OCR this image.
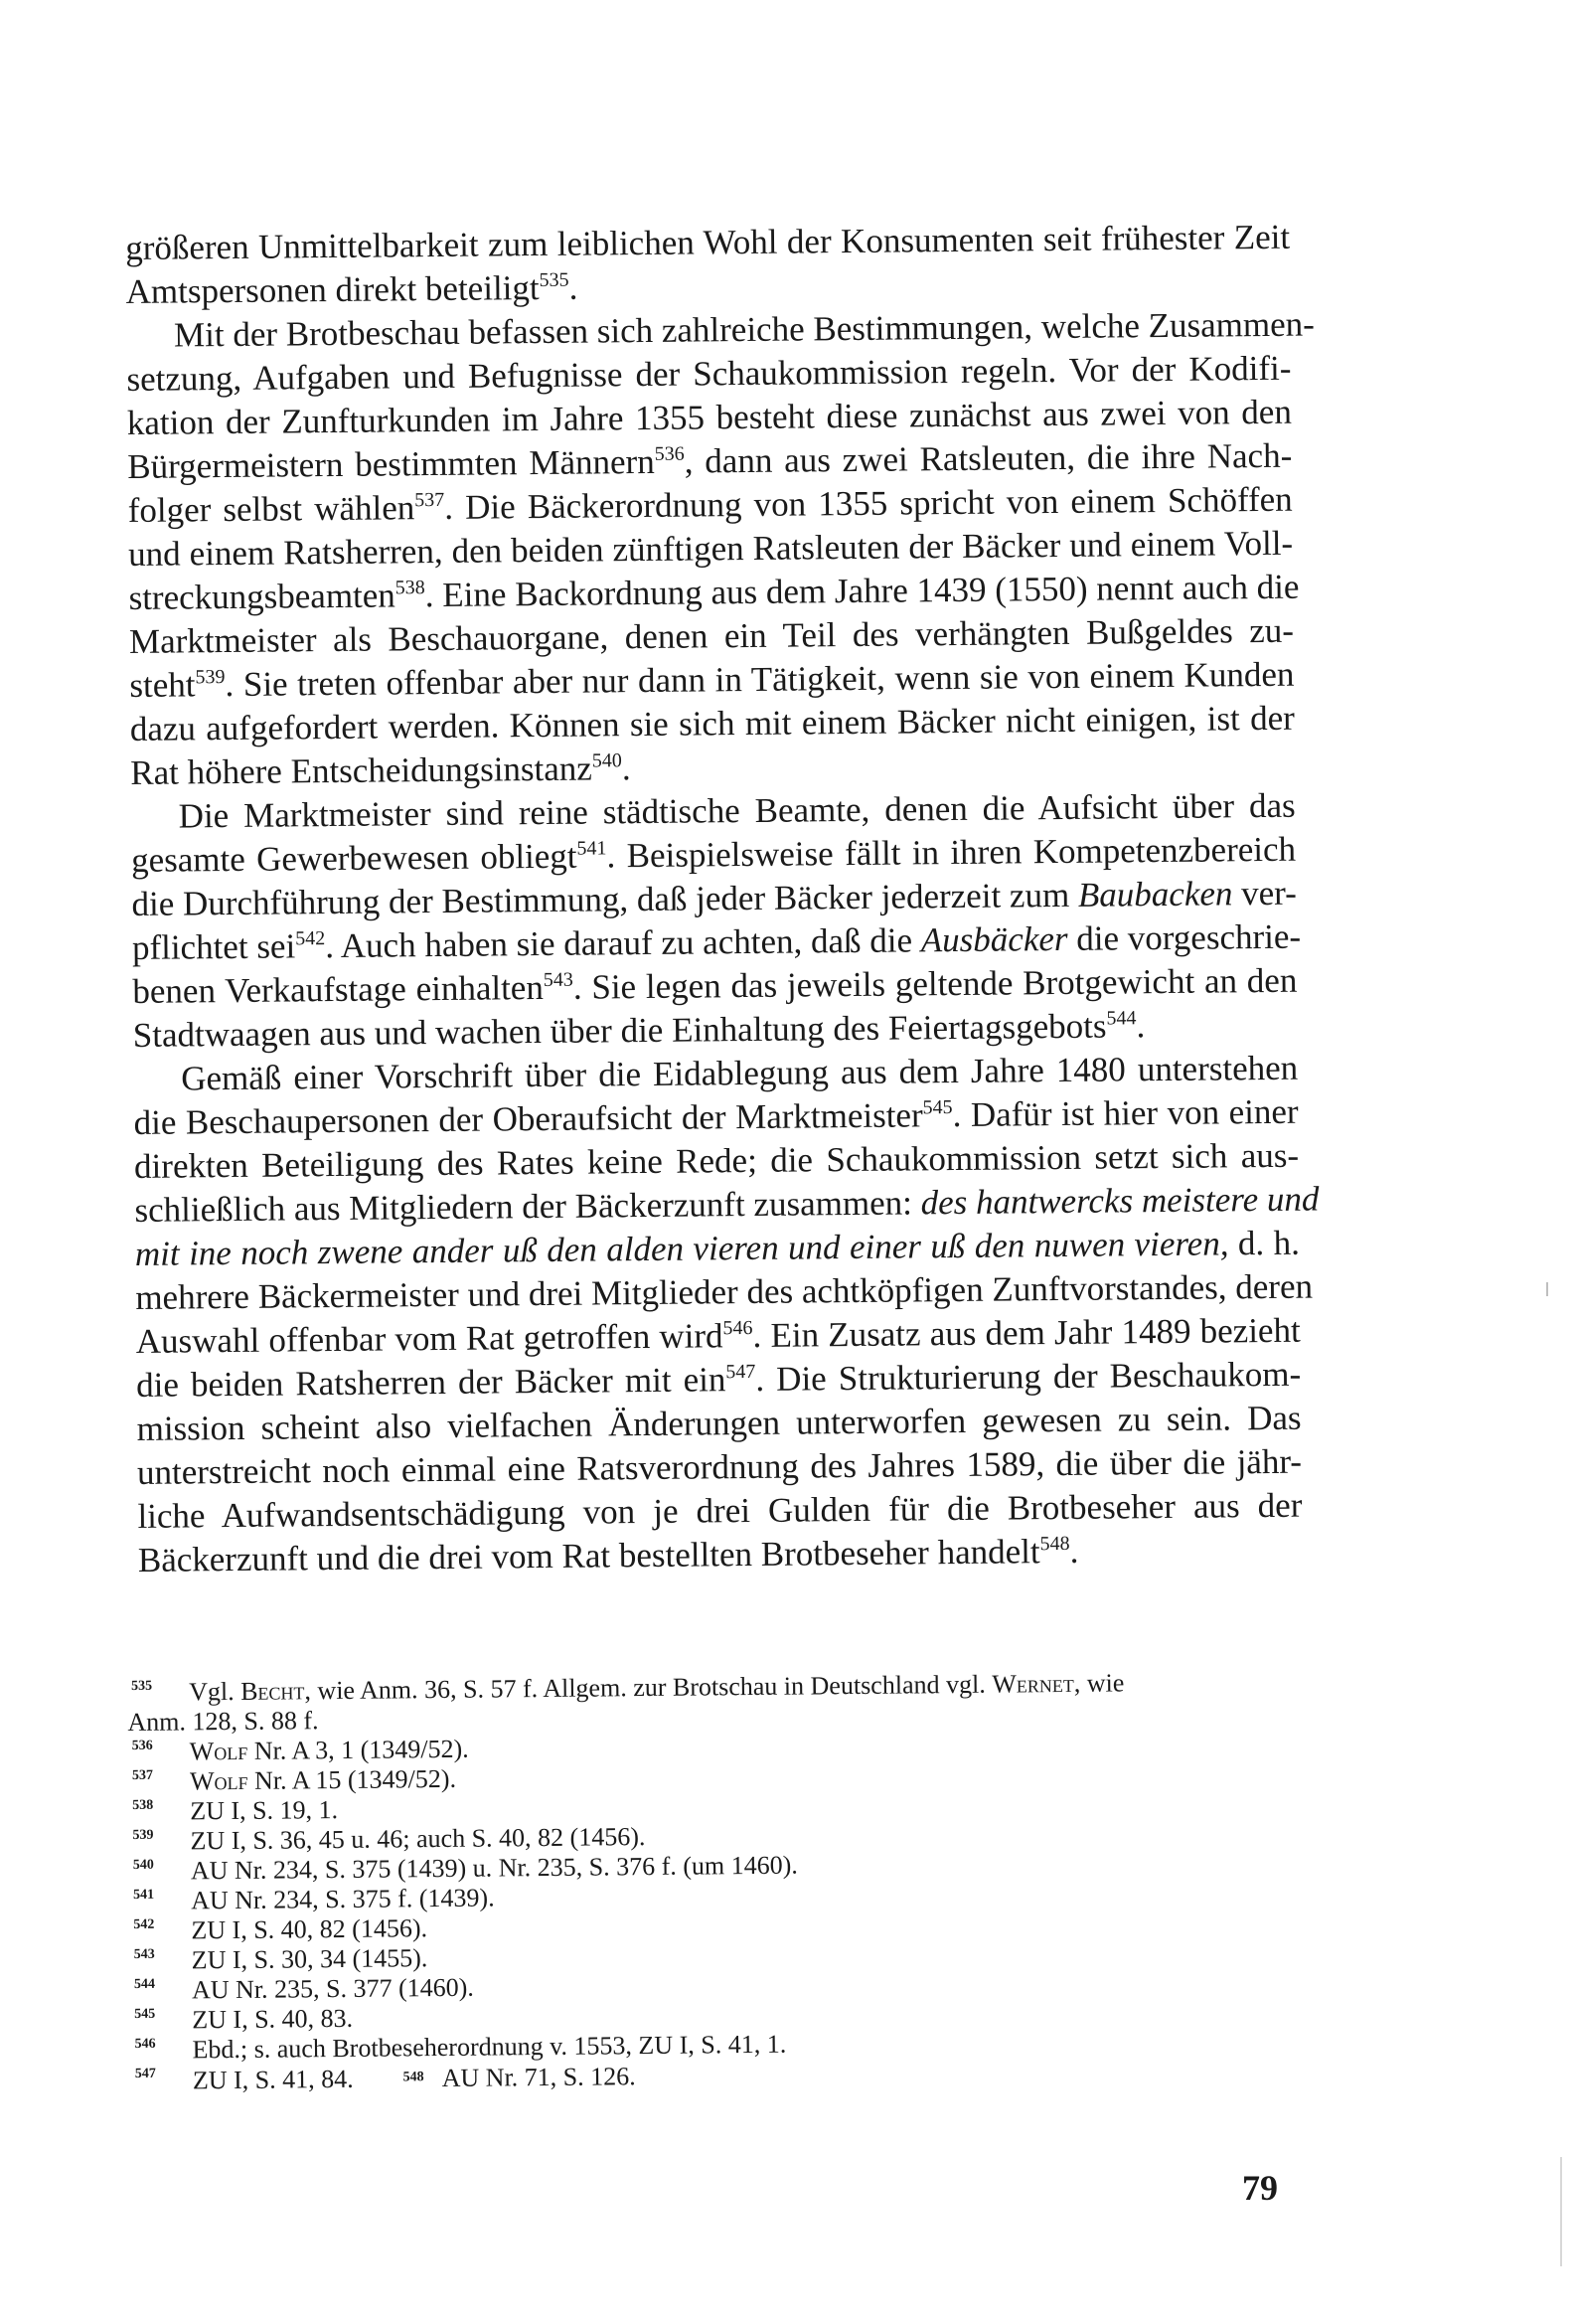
größeren Unmittelbarkeit zum leiblichen Wohl der Konsumenten seit frühester Zeit
Amtspersonen direkt beteiligt$^{535}$.
Mit der Brotbeschau befassen sich zahlreiche Bestimmungen, welche Zusammen-
setzung, Aufgaben und Befugnisse der Schaukommission regeln. Vor der Kodifi-
kation der Zunfturkunden im Jahre 1355 besteht diese zunächst aus zwei von den
Bürgermeistern bestimmten Männern$^{536}$, dann aus zwei Ratsleuten, die ihre Nach-
folger selbst wählen$^{537}$. Die Bäckerordnung von 1355 spricht von einem Schöffen
und einem Ratsherren, den beiden zünftigen Ratsleuten der Bäcker und einem Voll-
streckungsbeamten$^{538}$. Eine Backordnung aus dem Jahre 1439 (1550) nennt auch die
Marktmeister als Beschauorgane, denen ein Teil des verhängten Bußgeldes zu-
steht$^{539}$. Sie treten offenbar aber nur dann in Tätigkeit, wenn sie von einem Kunden
dazu aufgefordert werden. Können sie sich mit einem Bäcker nicht einigen, ist der
Rat höhere Entscheidungsinstanz$^{540}$.
Die Marktmeister sind reine städtische Beamte, denen die Aufsicht über das
gesamte Gewerbewesen obliegt$^{541}$. Beispielsweise fällt in ihren Kompetenzbereich
die Durchführung der Bestimmung, daß jeder Bäcker jederzeit zum Baubacken ver-
pflichtet sei$^{542}$. Auch haben sie darauf zu achten, daß die Ausbäcker die vorgeschrie-
benen Verkaufstage einhalten$^{543}$. Sie legen das jeweils geltende Brotgewicht an den
Stadtwaagen aus und wachen über die Einhaltung des Feiertagsgebots$^{544}$.
Gemäß einer Vorschrift über die Eidablegung aus dem Jahre 1480 unterstehen
die Beschaupersonen der Oberaufsicht der Marktmeister$^{545}$. Dafür ist hier von einer
direkten Beteiligung des Rates keine Rede; die Schaukommission setzt sich aus-
schließlich aus Mitgliedern der Bäckerzunft zusammen: des hantwercks meistere und
mit ine noch zwene ander uß den alden vieren und einer uß den nuwen vieren, d. h.
mehrere Bäckermeister und drei Mitglieder des achtköpfigen Zunftvorstandes, deren
Auswahl offenbar vom Rat getroffen wird$^{546}$. Ein Zusatz aus dem Jahr 1489 bezieht
die beiden Ratsherren der Bäcker mit ein$^{547}$. Die Strukturierung der Beschaukom-
mission scheint also vielfachen Änderungen unterworfen gewesen zu sein. Das
unterstreicht noch einmal eine Ratsverordnung des Jahres 1589, die über die jähr-
liche Aufwandsentschädigung von je drei Gulden für die Brotbeseher aus der
Bäckerzunft und die drei vom Rat bestellten Brotbeseher handelt$^{548}$.
535	Vgl. Becht, wie Anm. 36, S. 57 f. Allgem. zur Brotschau in Deutschland vgl. Wernet, wie
Anm. 128, S. 88 f.
536	Wolf Nr. A 3, 1 (1349/52).
537	Wolf Nr. A 15 (1349/52).
538	ZU I, S. 19, 1.
539	ZU I, S. 36, 45 u. 46; auch S. 40, 82 (1456).
540	AU Nr. 234, S. 375 (1439) u. Nr. 235, S. 376 f. (um 1460).
541	AU Nr. 234, S. 375 f. (1439).
542	ZU I, S. 40, 82 (1456).
543	ZU I, S. 30, 34 (1455).
544	AU Nr. 235, S. 377 (1460).
545	ZU I, S. 40, 83.
546	Ebd.; s. auch Brotbeseherordnung v. 1553, ZU I, S. 41, 1.
547	ZU I, S. 41, 84.	$^{548}$ AU Nr. 71, S. 126.
79
